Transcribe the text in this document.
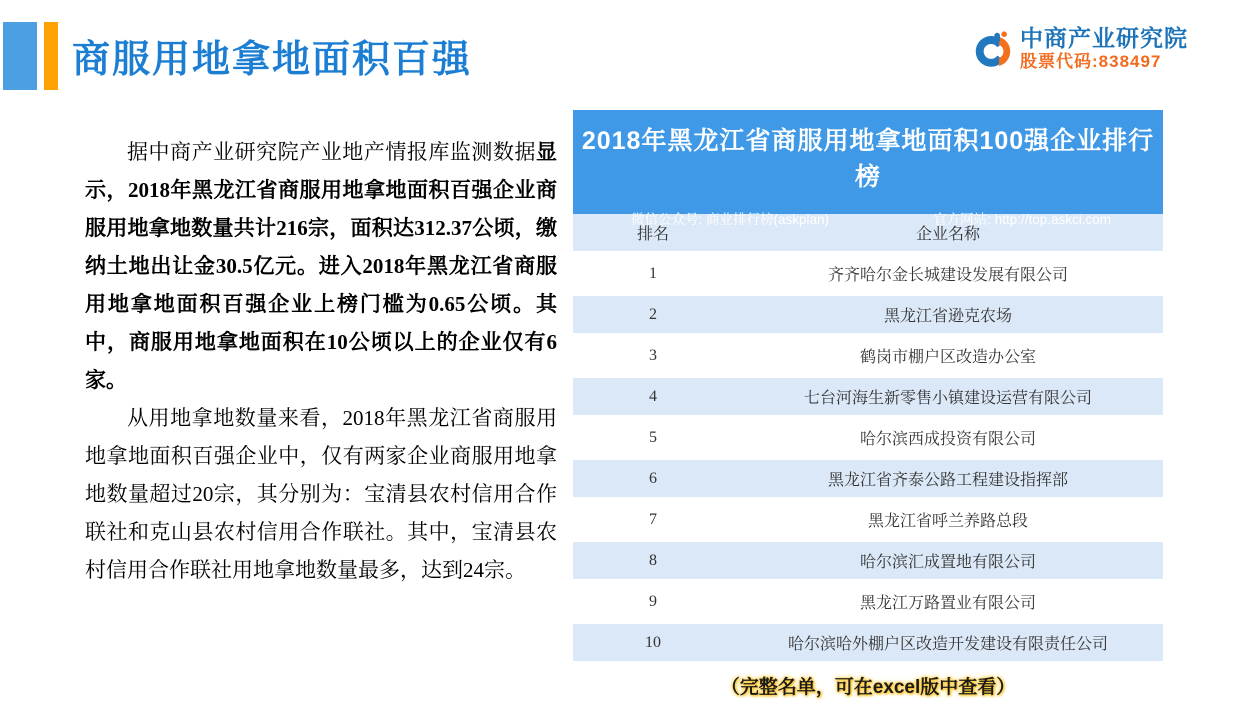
商服用地拿地面积百强
中商产业研究院
股票代码:838497

据中商产业研究院产业地产情报库监测数据显示，2018年黑龙江省商服用地拿地面积百强企业商服用地拿地数量共计216宗，面积达312.37公顷，缴纳土地出让金30.5亿元。进入2018年黑龙江省商服用地拿地面积百强企业上榜门槛为0.65公顷。其中，商服用地拿地面积在10公顷以上的企业仅有6家。

从用地拿地数量来看，2018年黑龙江省商服用地拿地面积百强企业中，仅有两家企业商服用地拿地数量超过20宗，其分别为：宝清县农村信用合作联社和克山县农村信用合作联社。其中，宝清县农村信用合作联社用地拿地数量最多，达到24宗。

2018年黑龙江省商服用地拿地面积100强企业排行榜
微信公众号: 商业排行榜(askplan)	官方网站: http://top.askci.com
排名	企业名称
1	齐齐哈尔金长城建设发展有限公司
2	黑龙江省逊克农场
3	鹤岗市棚户区改造办公室
4	七台河海生新零售小镇建设运营有限公司
5	哈尔滨西成投资有限公司
6	黑龙江省齐泰公路工程建设指挥部
7	黑龙江省呼兰养路总段
8	哈尔滨汇成置地有限公司
9	黑龙江万路置业有限公司
10	哈尔滨哈外棚户区改造开发建设有限责任公司
（完整名单，可在excel版中查看）
